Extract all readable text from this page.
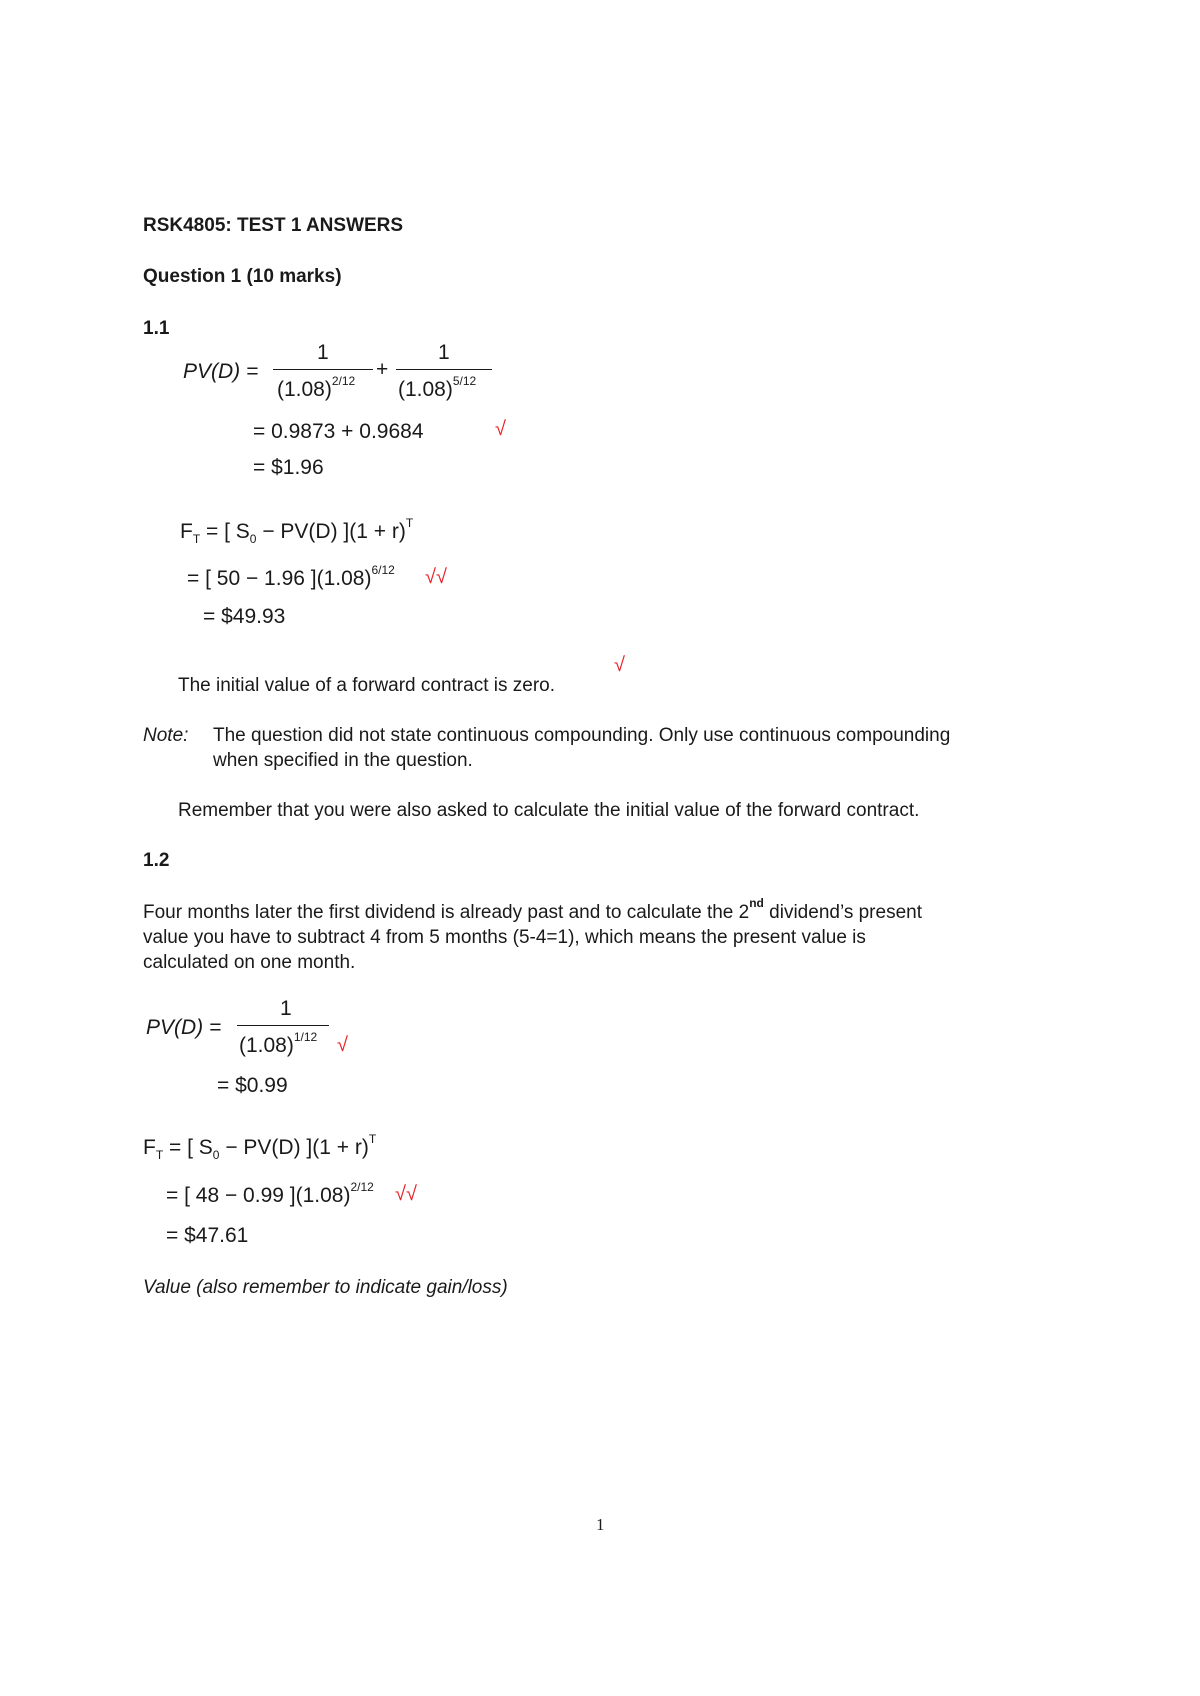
RSK4805: TEST 1 ANSWERS
Question 1 (10 marks)
1.1
PV(D) =
1
$(1.08)^{2/12}$ +
1
$(1.08)^{5/12}$
= 0.9873 + 0.9684	√
= $1.96
$F_T$ = [ $S_0 - PV(D) ](1 + r)^T$
= [ 50 − 1.96 ]$(1.08)^{6/12}$ √√
= $49.93
√
The initial value of a forward contract is zero.
Note: The question did not state continuous compounding. Only use continuous compounding
when specified in the question.
Remember that you were also asked to calculate the initial value of the forward contract.
1.2
Four months later the first dividend is already past and to calculate the 2nd dividend’s present
value you have to subtract 4 from 5 months (5-4=1), which means the present value is
calculated on one month.
PV(D) =
1
$(1.08)^{1/12}$ √
= $0.99
$F_T$ = [ $S_0 - PV(D) ](1 + r)^T$
= [ 48 − 0.99 ]$(1.08)^{2/12}$ √√
= $47.61
Value (also remember to indicate gain/loss)
1
